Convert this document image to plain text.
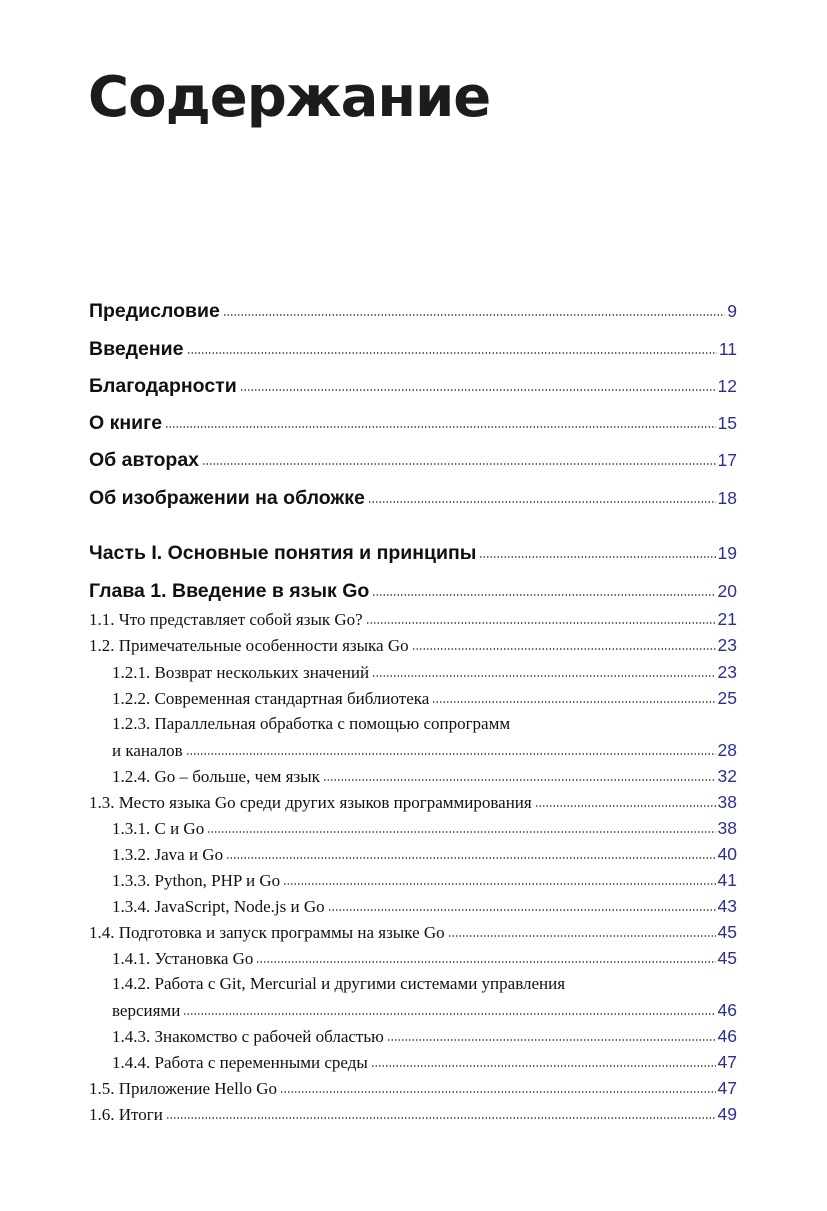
Содержание
Предисловие	9
Введение	11
Благодарности	12
О книге	15
Об авторах	17
Об изображении на обложке	18
Часть I. Основные понятия и принципы	19
Глава 1. Введение в язык Go	20
1.1. Что представляет собой язык Go?	21
1.2. Примечательные особенности языка Go	23
1.2.1. Возврат нескольких значений	23
1.2.2. Современная стандартная библиотека	25
1.2.3. Параллельная обработка с помощью сопрограмм
и каналов	28
1.2.4. Go – больше, чем язык	32
1.3. Место языка Go среди других языков программирования	38
1.3.1. C и Go	38
1.3.2. Java и Go	40
1.3.3. Python, PHP и Go	41
1.3.4. JavaScript, Node.js и Go	43
1.4. Подготовка и запуск программы на языке Go	45
1.4.1. Установка Go	45
1.4.2. Работа с Git, Mercurial и другими системами управления
версиями	46
1.4.3. Знакомство с рабочей областью	46
1.4.4. Работа с переменными среды	47
1.5. Приложение Hello Go	47
1.6. Итоги	49
